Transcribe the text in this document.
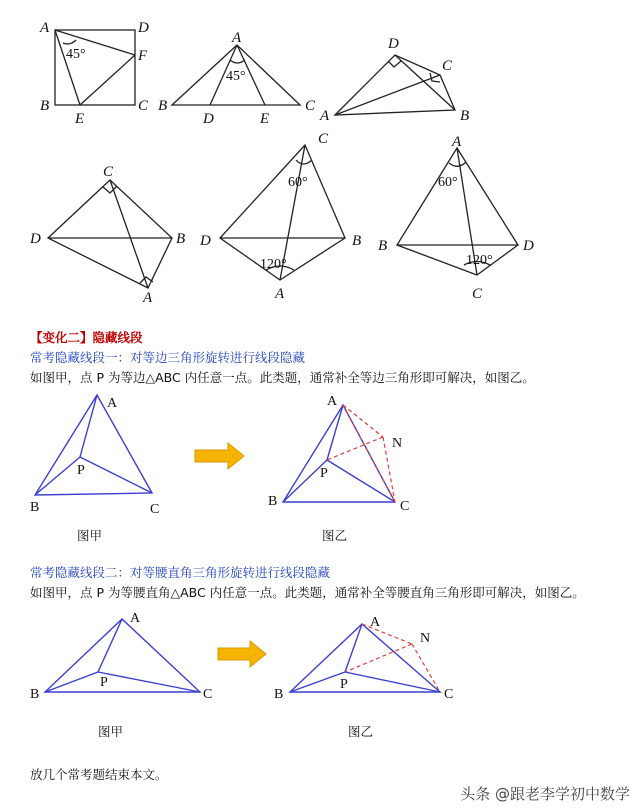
A	D
F
B	C
E
45°
A
B
D	E
C
45°
D
C
A	B
C
D	B
A
C
D	B
A
60°
120°
A
B	D
C
60°
120°
【变化二】隐藏线段
常考隐藏线段一：对等边三角形旋转进行线段隐藏
如图甲，点 P 为等边△ABC 内任意一点。此类题，通常补全等边三角形即可解决，如图乙。
A
B	C
P
A
N
P
B	C
图甲	图乙
常考隐藏线段二：对等腰直角三角形旋转进行线段隐藏
如图甲，点 P 为等腰直角△ABC 内任意一点。此类题，通常补全等腰直角三角形即可解决，如图乙。
A
B	C
P
A
N
P
B	C
图甲	图乙
放几个常考题结束本文。
头条 @跟老李学初中数学
